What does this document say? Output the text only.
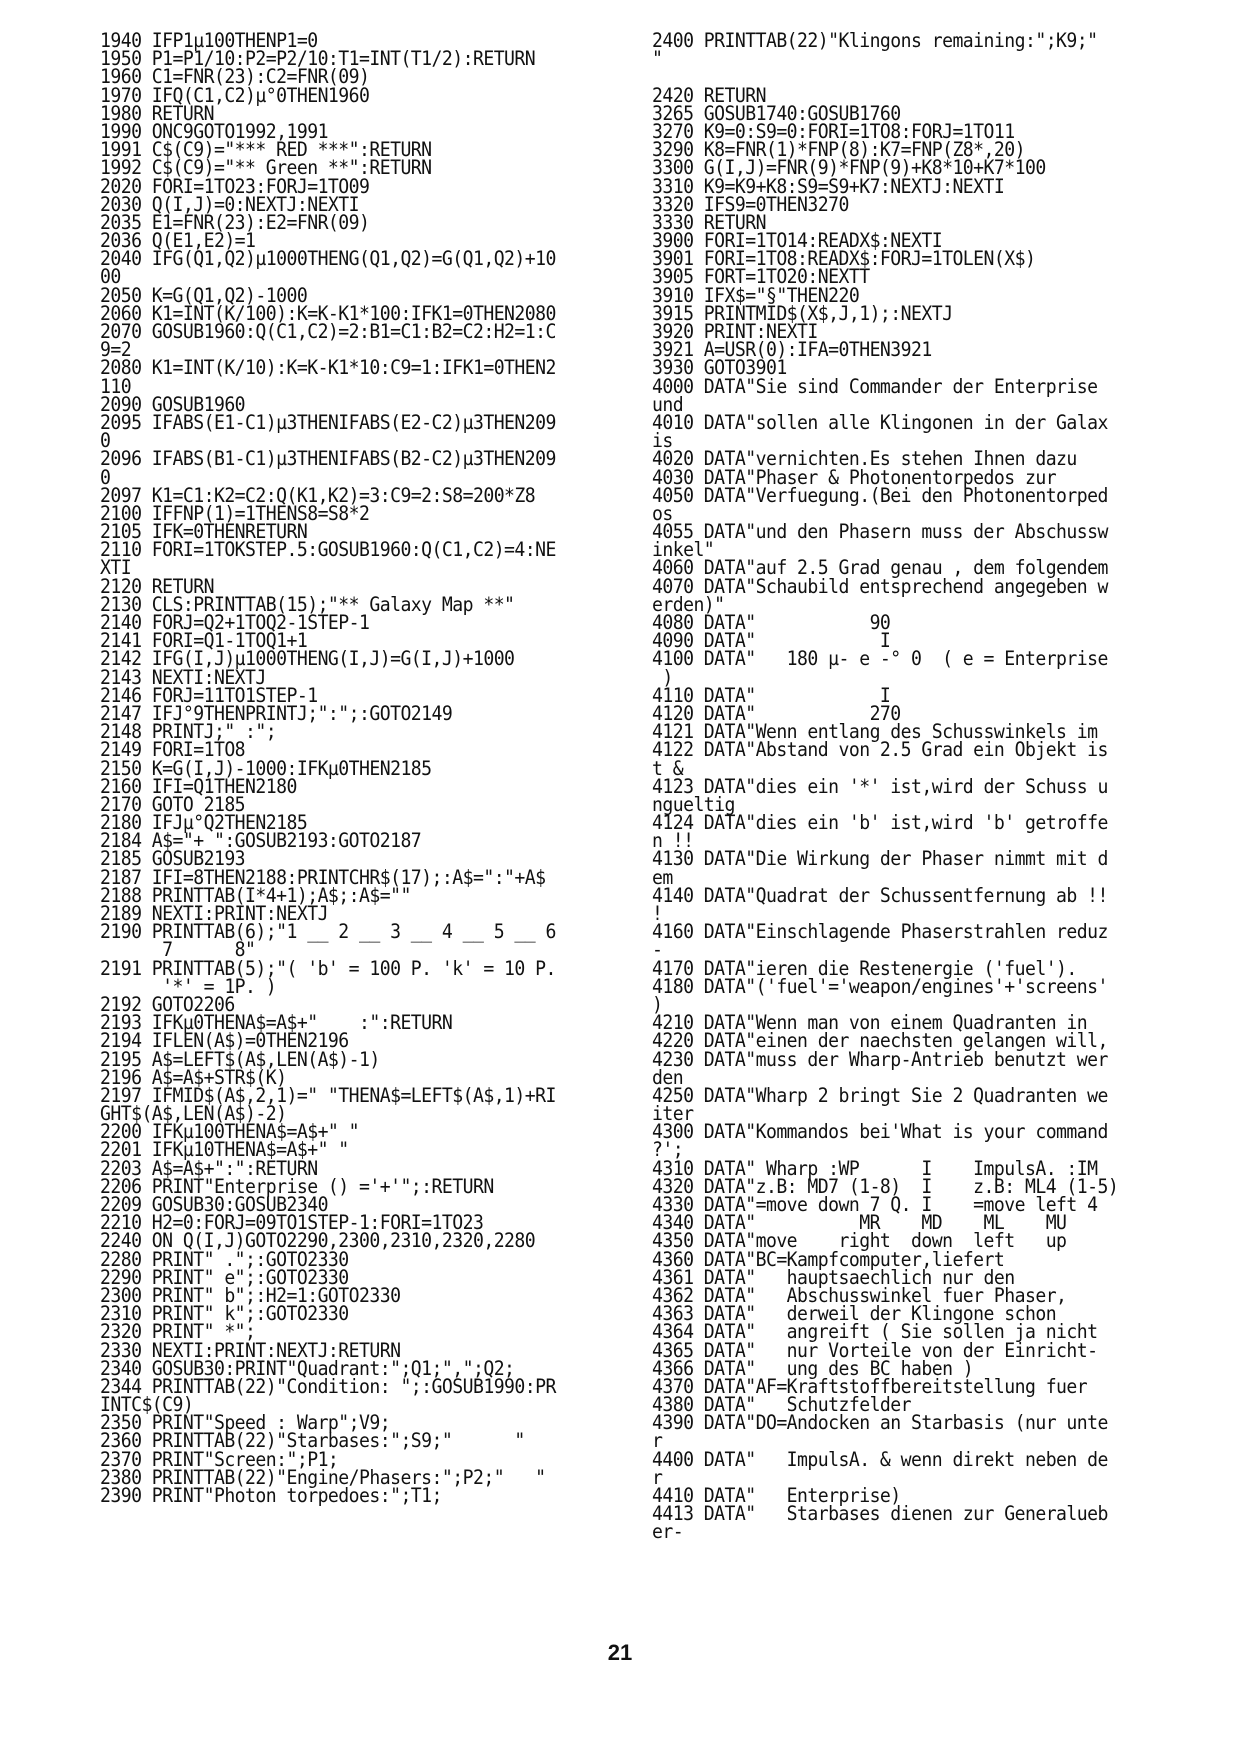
1940 IFP1µ100THENP1=0
1950 P1=P1/10:P2=P2/10:T1=INT(T1/2):RETURN
1960 C1=FNR(23):C2=FNR(09)
1970 IFQ(C1,C2)µ°0THEN1960
1980 RETURN
1990 ONC9GOTO1992,1991
1991 C$(C9)="*** RED ***":RETURN
1992 C$(C9)="** Green **":RETURN
2020 FORI=1TO23:FORJ=1TO09
2030 Q(I,J)=0:NEXTJ:NEXTI
2035 E1=FNR(23):E2=FNR(09)
2036 Q(E1,E2)=1
2040 IFG(Q1,Q2)µ1000THENG(Q1,Q2)=G(Q1,Q2)+10
00
2050 K=G(Q1,Q2)-1000
2060 K1=INT(K/100):K=K-K1*100:IFK1=0THEN2080
2070 GOSUB1960:Q(C1,C2)=2:B1=C1:B2=C2:H2=1:C
9=2
2080 K1=INT(K/10):K=K-K1*10:C9=1:IFK1=0THEN2
110
2090 GOSUB1960
2095 IFABS(E1-C1)µ3THENIFABS(E2-C2)µ3THEN209
0
2096 IFABS(B1-C1)µ3THENIFABS(B2-C2)µ3THEN209
0
2097 K1=C1:K2=C2:Q(K1,K2)=3:C9=2:S8=200*Z8
2100 IFFNP(1)=1THENS8=S8*2
2105 IFK=0THENRETURN
2110 FORI=1TOKSTEP.5:GOSUB1960:Q(C1,C2)=4:NE
XTI
2120 RETURN
2130 CLS:PRINTTAB(15);"** Galaxy Map **"
2140 FORJ=Q2+1TOQ2-1STEP-1
2141 FORI=Q1-1TOQ1+1
2142 IFG(I,J)µ1000THENG(I,J)=G(I,J)+1000
2143 NEXTI:NEXTJ
2146 FORJ=11TO1STEP-1
2147 IFJ°9THENPRINTJ;":";:GOTO2149
2148 PRINTJ;" :";
2149 FORI=1TO8
2150 K=G(I,J)-1000:IFKµ0THEN2185
2160 IFI=Q1THEN2180
2170 GOTO 2185
2180 IFJµ°Q2THEN2185
2184 A$="+ ":GOSUB2193:GOTO2187
2185 GOSUB2193
2187 IFI=8THEN2188:PRINTCHR$(17);:A$=":"+A$
2188 PRINTTAB(I*4+1);A$;:A$=""
2189 NEXTI:PRINT:NEXTJ
2190 PRINTTAB(6);"1 __ 2 __ 3 __ 4 __ 5 __ 6
7      8"
2191 PRINTTAB(5);"( 'b' = 100 P. 'k' = 10 P.
'*' = 1P. )
2192 GOTO2206
2193 IFKµ0THENA$=A$+"    :":RETURN
2194 IFLEN(A$)=0THEN2196
2195 A$=LEFT$(A$,LEN(A$)-1)
2196 A$=A$+STR$(K)
2197 IFMID$(A$,2,1)=" "THENA$=LEFT$(A$,1)+RI
GHT$(A$,LEN(A$)-2)
2200 IFKµ100THENA$=A$+" "
2201 IFKµ10THENA$=A$+" "
2203 A$=A$+":":RETURN
2206 PRINT"Enterprise () ='+'";:RETURN
2209 GOSUB30:GOSUB2340
2210 H2=0:FORJ=09TO1STEP-1:FORI=1TO23
2240 ON Q(I,J)GOTO2290,2300,2310,2320,2280
2280 PRINT" .";:GOTO2330
2290 PRINT" e";:GOTO2330
2300 PRINT" b";:H2=1:GOTO2330
2310 PRINT" k";:GOTO2330
2320 PRINT" *";
2330 NEXTI:PRINT:NEXTJ:RETURN
2340 GOSUB30:PRINT"Quadrant:";Q1;",";Q2;
2344 PRINTTAB(22)"Condition: ";:GOSUB1990:PR
INTC$(C9)
2350 PRINT"Speed : Warp";V9;
2360 PRINTTAB(22)"Starbases:";S9;"      "
2370 PRINT"Screen:";P1;
2380 PRINTTAB(22)"Engine/Phasers:";P2;"   "
2390 PRINT"Photon torpedoes:";T1;
2400 PRINTTAB(22)"Klingons remaining:";K9;"
"
2420 RETURN
3265 GOSUB1740:GOSUB1760
3270 K9=0:S9=0:FORI=1TO8:FORJ=1TO11
3290 K8=FNR(1)*FNP(8):K7=FNP(Z8*,20)
3300 G(I,J)=FNR(9)*FNP(9)+K8*10+K7*100
3310 K9=K9+K8:S9=S9+K7:NEXTJ:NEXTI
3320 IFS9=0THEN3270
3330 RETURN
3900 FORI=1TO14:READX$:NEXTI
3901 FORI=1TO8:READX$:FORJ=1TOLEN(X$)
3905 FORT=1TO20:NEXTT
3910 IFX$="§"THEN220
3915 PRINTMID$(X$,J,1);:NEXTJ
3920 PRINT:NEXTI
3921 A=USR(0):IFA=0THEN3921
3930 GOTO3901
4000 DATA"Sie sind Commander der Enterprise
und
4010 DATA"sollen alle Klingonen in der Galax
is
4020 DATA"vernichten.Es stehen Ihnen dazu
4030 DATA"Phaser & Photonentorpedos zur
4050 DATA"Verfuegung.(Bei den Photonentorped
os
4055 DATA"und den Phasern muss der Abschussw
inkel"
4060 DATA"auf 2.5 Grad genau , dem folgendem
4070 DATA"Schaubild entsprechend angegeben w
erden)"
4080 DATA"           90
4090 DATA"            I
4100 DATA"   180 µ- e -° 0  ( e = Enterprise
)
4110 DATA"            I
4120 DATA"           270
4121 DATA"Wenn entlang des Schusswinkels im
4122 DATA"Abstand von 2.5 Grad ein Objekt is
t &
4123 DATA"dies ein '*' ist,wird der Schuss u
ngueltig
4124 DATA"dies ein 'b' ist,wird 'b' getroffe
n !!
4130 DATA"Die Wirkung der Phaser nimmt mit d
em
4140 DATA"Quadrat der Schussentfernung ab !!
!
4160 DATA"Einschlagende Phaserstrahlen reduz
-
4170 DATA"ieren die Restenergie ('fuel').
4180 DATA"('fuel'='weapon/engines'+'screens'
)
4210 DATA"Wenn man von einem Quadranten in
4220 DATA"einen der naechsten gelangen will,
4230 DATA"muss der Wharp-Antrieb benutzt wer
den
4250 DATA"Wharp 2 bringt Sie 2 Quadranten we
iter
4300 DATA"Kommandos bei'What is your command
?';
4310 DATA" Wharp :WP      I    ImpulsA. :IM
4320 DATA"z.B: MD7 (1-8)  I    z.B: ML4 (1-5)
4330 DATA"=move down 7 Q. I    =move left 4
4340 DATA"          MR    MD    ML    MU
4350 DATA"move    right  down  left   up
4360 DATA"BC=Kampfcomputer,liefert
4361 DATA"   hauptsaechlich nur den
4362 DATA"   Abschusswinkel fuer Phaser,
4363 DATA"   derweil der Klingone schon
4364 DATA"   angreift ( Sie sollen ja nicht
4365 DATA"   nur Vorteile von der Einricht-
4366 DATA"   ung des BC haben )
4370 DATA"AF=Kraftstoffbereitstellung fuer
4380 DATA"   Schutzfelder
4390 DATA"DO=Andocken an Starbasis (nur unte
r
4400 DATA"   ImpulsA. & wenn direkt neben de
r
4410 DATA"   Enterprise)
4413 DATA"   Starbases dienen zur Generalueb
er-
21
